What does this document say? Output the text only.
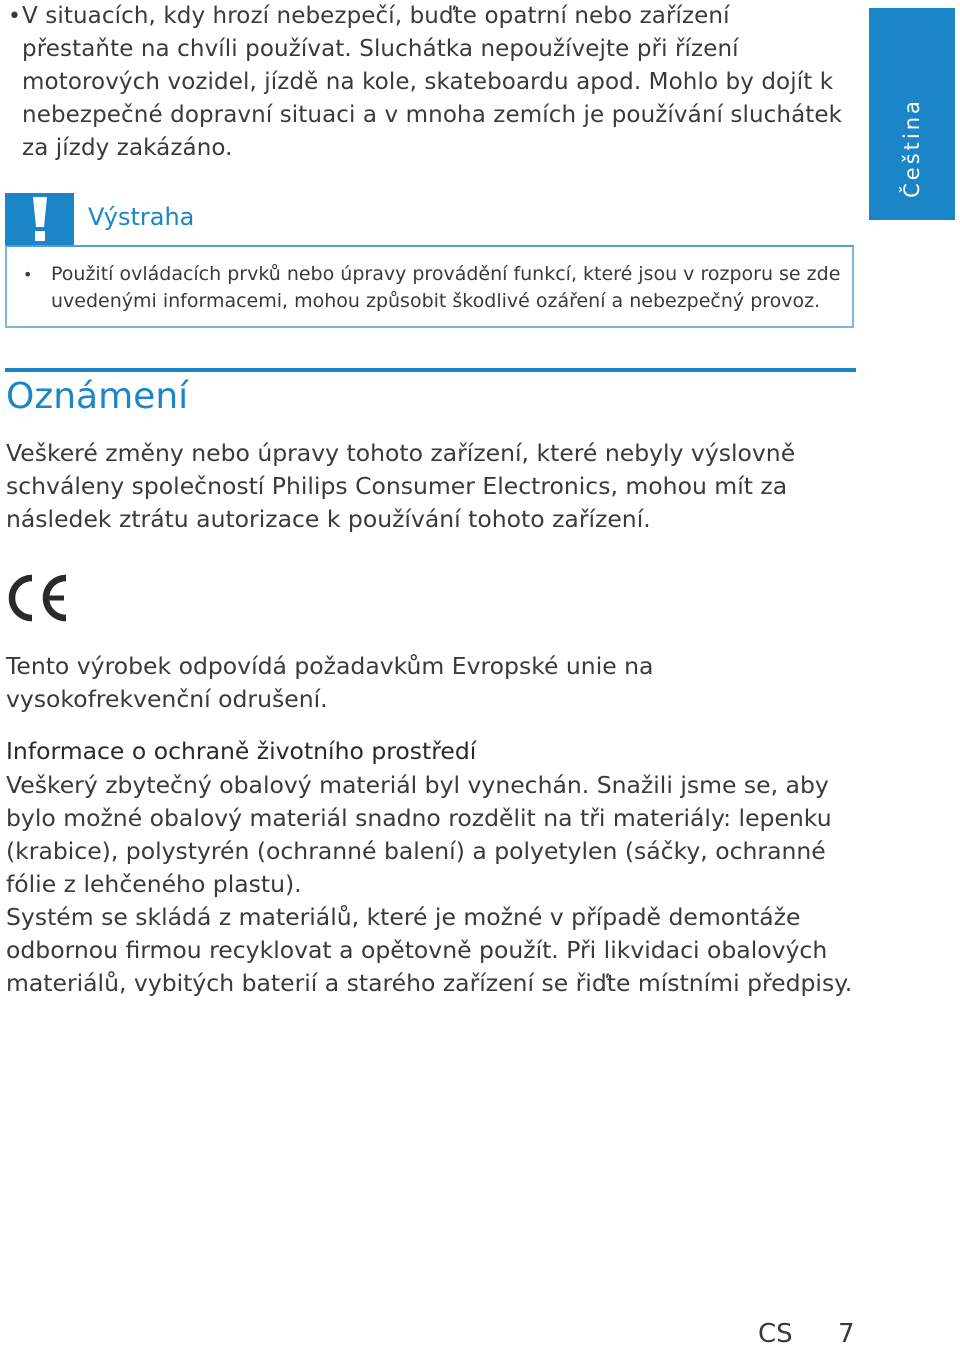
• V situacích, kdy hrozí nebezpečí, buďte opatrní nebo zařízení přestaňte na chvíli používat. Sluchátka nepoužívejte při řízení motorových vozidel, jízdě na kole, skateboardu apod. Mohlo by dojít k nebezpečné dopravní situaci a v mnoha zemích je používání sluchátek za jízdy zakázáno.	Čeština
Výstraha
• Použití ovládacích prvků nebo úpravy provádění funkcí, které jsou v rozporu se zde uvedenými informacemi, mohou způsobit škodlivé ozáření a nebezpečný provoz.
Oznámení
Veškeré změny nebo úpravy tohoto zařízení, které nebyly výslovně schváleny společností Philips Consumer Electronics, mohou mít za následek ztrátu autorizace k používání tohoto zařízení.
Tento výrobek odpovídá požadavkům Evropské unie na vysokofrekvenční odrušení.
Informace o ochraně životního prostředí
Veškerý zbytečný obalový materiál byl vynechán. Snažili jsme se, aby bylo možné obalový materiál snadno rozdělit na tři materiály: lepenku (krabice), polystyrén (ochranné balení) a polyetylen (sáčky, ochranné fólie z lehčeného plastu).
Systém se skládá z materiálů, které je možné v případě demontáže odbornou firmou recyklovat a opětovně použít. Při likvidaci obalových materiálů, vybitých baterií a starého zařízení se řiďte místními předpisy.
CS 7
